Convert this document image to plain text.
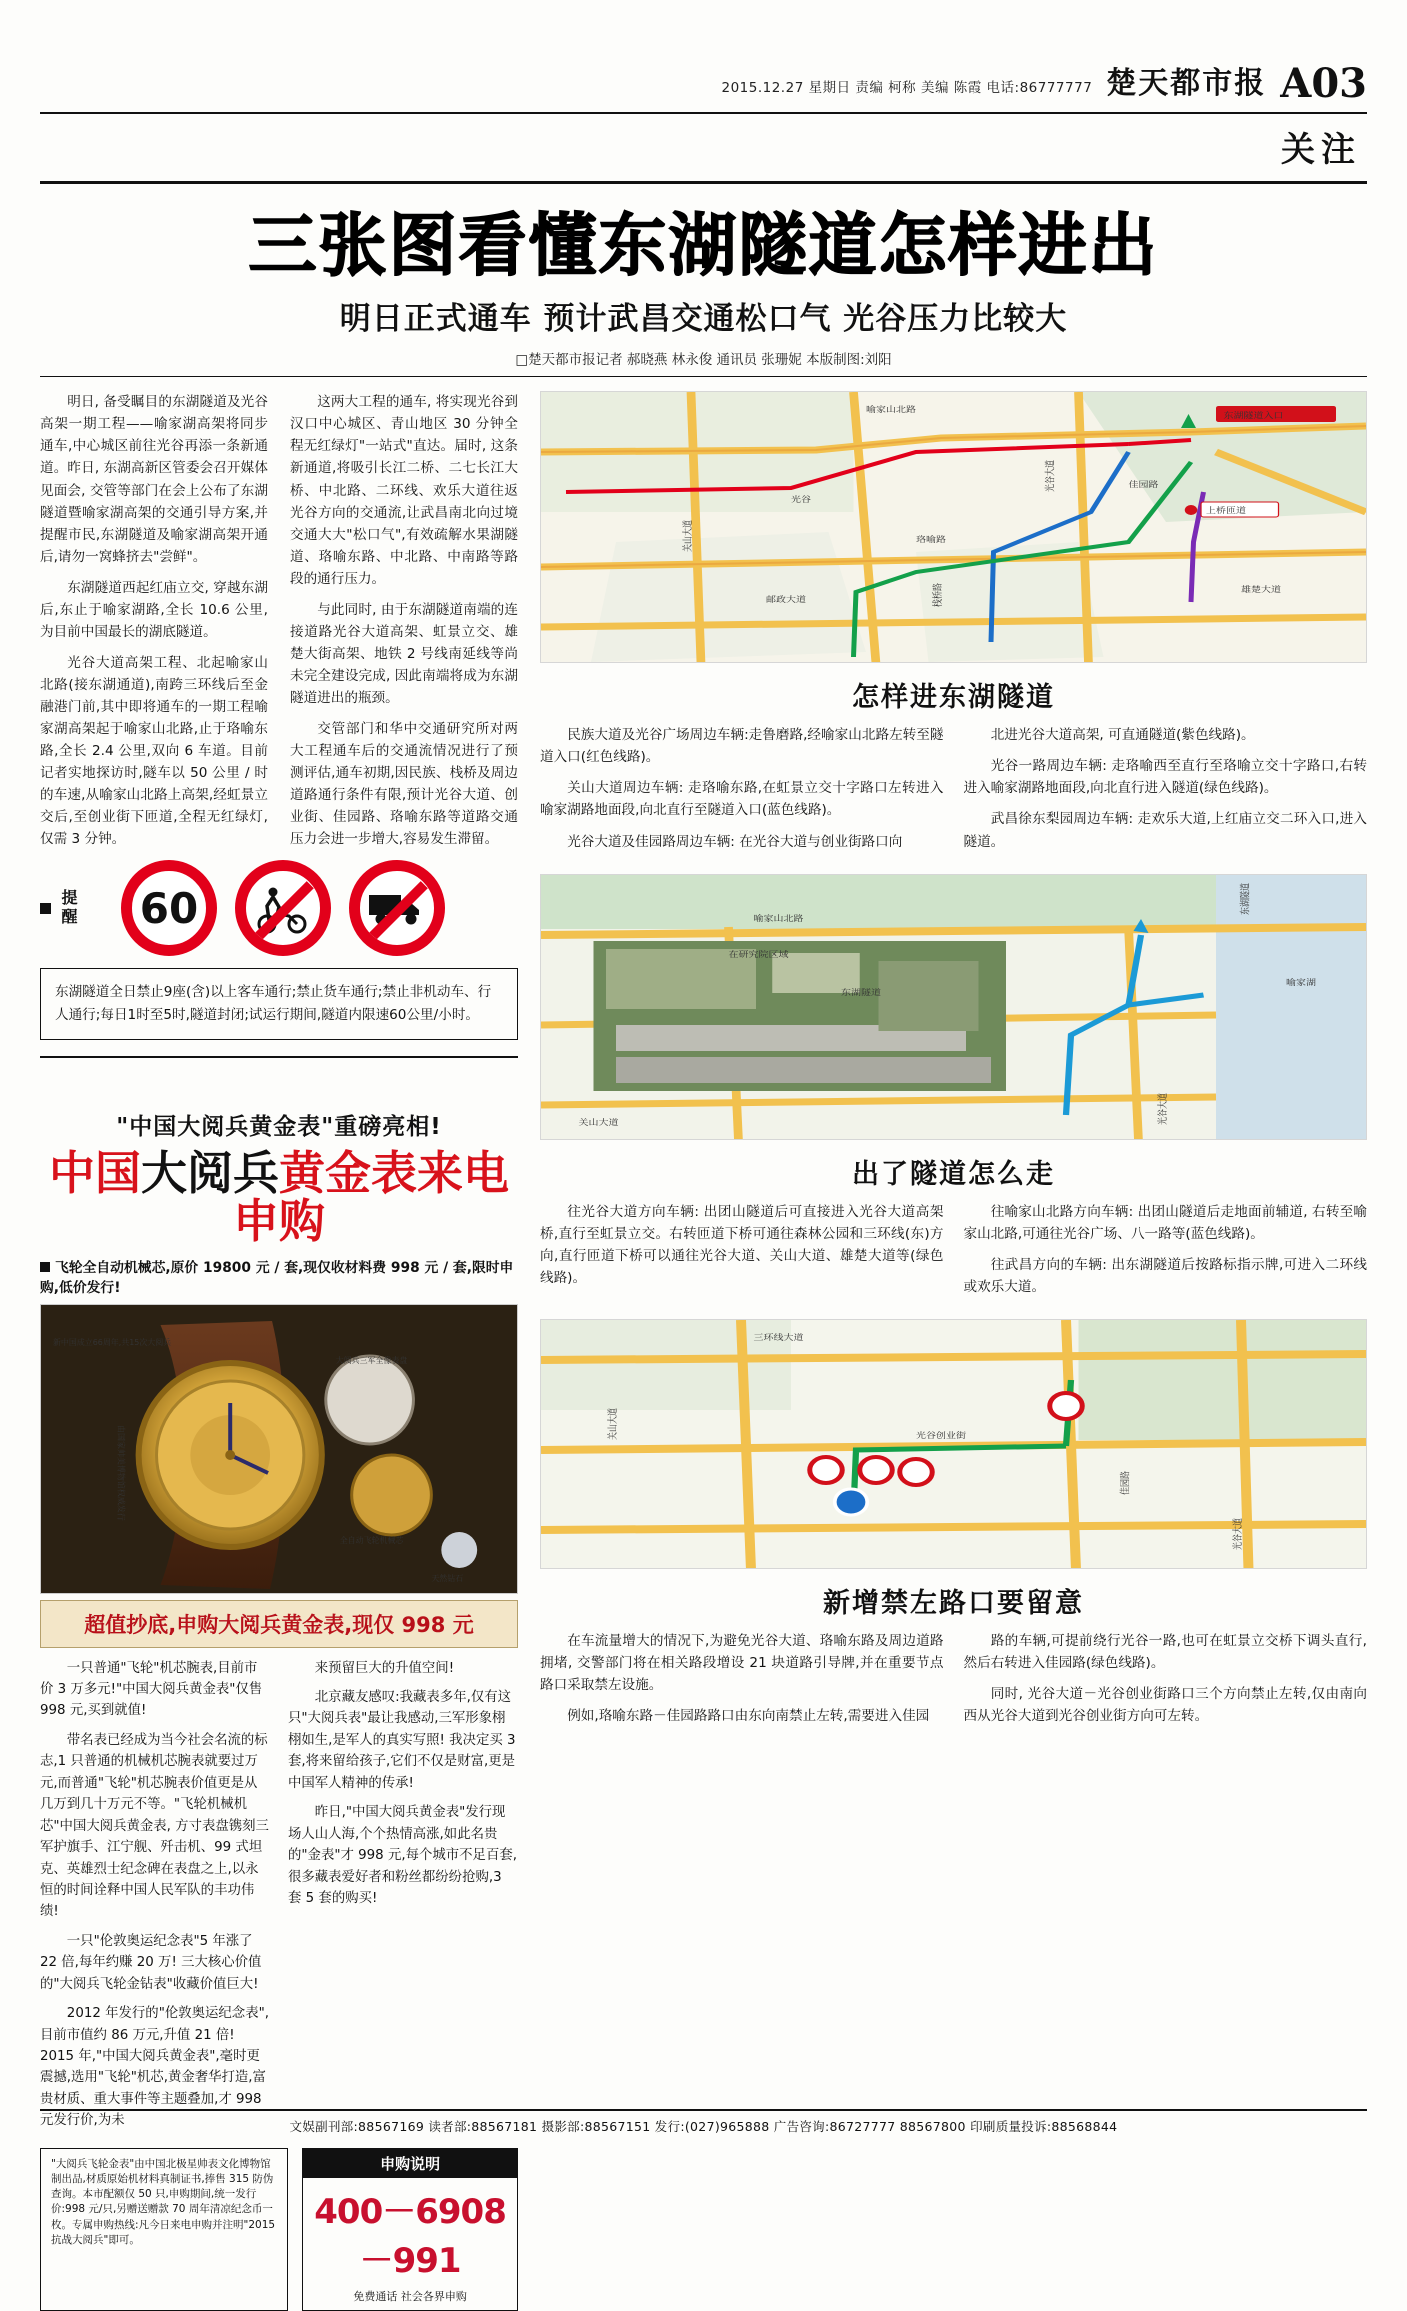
2015.12.27 星期日 责编 柯称 美编 陈霞 电话:86777777 楚天都市报 A03
关注
三张图看懂东湖隧道怎样进出
明日正式通车 预计武昌交通松口气 光谷压力比较大
□楚天都市报记者 郝晓燕 林永俊 通讯员 张珊妮 本版制图:刘阳

明日, 备受瞩目的东湖隧道及光谷高架一期工程——喻家湖高架将同步通车,中心城区前往光谷再添一条新通道。昨日, 东湖高新区管委会召开媒体见面会, 交管等部门在会上公布了东湖隧道暨喻家湖高架的交通引导方案,并提醒市民,东湖隧道及喻家湖高架开通后,请勿一窝蜂挤去"尝鲜"。

东湖隧道西起红庙立交, 穿越东湖后,东止于喻家湖路,全长 10.6 公里, 为目前中国最长的湖底隧道。

光谷大道高架工程、北起喻家山北路(接东湖通道),南跨三环线后至金融港门前,其中即将通车的一期工程喻家湖高架起于喻家山北路,止于珞喻东路,全长 2.4 公里,双向 6 车道。目前记者实地探访时,隧车以 50 公里 / 时的车速,从喻家山北路上高架,经虹景立交后,至创业街下匝道,全程无红绿灯,仅需 3 分钟。

这两大工程的通车, 将实现光谷到汉口中心城区、青山地区 30 分钟全程无红绿灯"一站式"直达。届时, 这条新通道,将吸引长江二桥、二七长江大桥、中北路、二环线、欢乐大道往返光谷方向的交通流,让武昌南北向过境交通大大"松口气",有效疏解水果湖隧道、珞喻东路、中北路、中南路等路段的通行压力。

与此同时, 由于东湖隧道南端的连接道路光谷大道高架、虹景立交、雄楚大街高架、地铁 2 号线南延线等尚未完全建设完成, 因此南端将成为东湖隧道进出的瓶颈。

交管部门和华中交通研究所对两大工程通车后的交通流情况进行了预测评估,通车初期,因民族、栈桥及周边道路通行条件有限,预计光谷大道、创业街、佳园路、珞喻东路等道路交通压力会进一步增大,容易发生滞留。

东湖隧道入口
上桥匝道
喻家山北路
光谷大道
珞喻路
光谷
邮政大道
雄楚大道
佳园路
栈桥路
关山大道
怎样进东湖隧道

民族大道及光谷广场周边车辆:走鲁磨路,经喻家山北路左转至隧道入口(红色线路)。

关山大道周边车辆: 走珞喻东路,在虹景立交十字路口左转进入喻家湖路地面段,向北直行至隧道入口(蓝色线路)。

光谷大道及佳园路周边车辆: 在光谷大道与创业街路口向

北进光谷大道高架, 可直通隧道(紫色线路)。

光谷一路周边车辆: 走珞喻西至直行至珞喻立交十字路口,右转进入喻家湖路地面段,向北直行进入隧道(绿色线路)。

武昌徐东梨园周边车辆: 走欢乐大道,上红庙立交二环入口,进入隧道。

在研究院区域
东湖隧道
喻家山北路
东湖隧道
喻家湖
光谷大道
关山大道
出了隧道怎么走

往光谷大道方向车辆: 出团山隧道后可直接进入光谷大道高架桥,直行至虹景立交。右转匝道下桥可通往森林公园和三环线(东)方向,直行匝道下桥可以通往光谷大道、关山大道、雄楚大道等(绿色线路)。

往喻家山北路方向车辆: 出团山隧道后走地面前辅道, 右转至喻家山北路,可通往光谷广场、八一路等(蓝色线路)。

往武昌方向的车辆: 出东湖隧道后按路标指示牌,可进入二环线或欢乐大道。

三环线大道
关山大道	光谷创业街
佳园路
光谷大道
新增禁左路口要留意

在车流量增大的情况下,为避免光谷大道、珞喻东路及周边道路拥堵, 交警部门将在相关路段增设 21 块道路引导牌,并在重要节点路口采取禁左设施。

例如,珞喻东路－佳园路路口由东向南禁止左转,需要进入佳园

路的车辆,可提前绕行光谷一路,也可在虹景立交桥下调头直行,然后右转进入佳园路(绿色线路)。

同时, 光谷大道－光谷创业街路口三个方向禁止左转,仅由南向西从光谷大道到光谷创业街方向可左转。

提醒 60
东湖隧道全日禁止9座(含)以上客车通行;禁止货车通行;禁止非机动车、行人通行;每日1时至5时,隧道封闭;试运行期间,隧道内限速60公里/小时。
"中国大阅兵黄金表"重磅亮相!
中国大阅兵黄金表来电申购
飞轮全自动机械芯,原价 19800 元 / 套,现仅收材料费 998 元 / 套,限时申购,低价发行!
大阅兵三军全像表盘
全自动飞轮机械芯
天然钻石
新中国成立66周年,共15次大阅兵
由国家帅美博物馆权威发行
超值抄底,申购大阅兵黄金表,现仅 998 元

一只普通"飞轮"机芯腕表,目前市价 3 万多元!"中国大阅兵黄金表"仅售 998 元,买到就值!

带名表已经成为当今社会名流的标志,1 只普通的机械机芯腕表就要过万元,而普通"飞轮"机芯腕表价值更是从几万到几十万元不等。"飞轮机械机芯"中国大阅兵黄金表, 方寸表盘镌刻三军护旗手、江宁舰、歼击机、99 式坦克、英雄烈士纪念碑在表盘之上,以永恒的时间诠释中国人民军队的丰功伟绩!

一只"伦敦奥运纪念表"5 年涨了 22 倍,每年约赚 20 万! 三大核心价值的"大阅兵飞轮金钻表"收藏价值巨大!

2012 年发行的"伦敦奥运纪念表",目前市值约 86 万元,升值 21 倍! 2015 年,"中国大阅兵黄金表",毫时更震撼,选用"飞轮"机芯,黄金奢华打造,富贵材质、重大事件等主题叠加,才 998 元发行价,为未

来预留巨大的升值空间!

北京藏友感叹:我藏表多年,仅有这只"大阅兵表"最让我感动,三军形象栩栩如生,是军人的真实写照! 我决定买 3 套,将来留给孩子,它们不仅是财富,更是中国军人精神的传承!

昨日,"中国大阅兵黄金表"发行现场人山人海,个个热情高涨,如此名贵的"金表"才 998 元,每个城市不足百套,很多藏表爱好者和粉丝都纷纷抢购,3 套 5 套的购买!

"大阅兵飞轮金表"由中国北极星帅表文化博物馆制出品,材质原始机材料真制证书,捧售 315 防伪查询。本市配额仅 50 只,申购期间,统一发行价:998 元/只,另赠送赠款 70 周年清凉纪念币一枚。专属申购热线:凡今日来电申购并注明"2015 抗战大阅兵"即可。
申购说明
400－6908－991
免费通话 社会各界申购
文娱副刊部:88567169 读者部:88567181 摄影部:88567151 发行:(027)965888 广告咨询:86727777 88567800 印刷质量投诉:88568844
